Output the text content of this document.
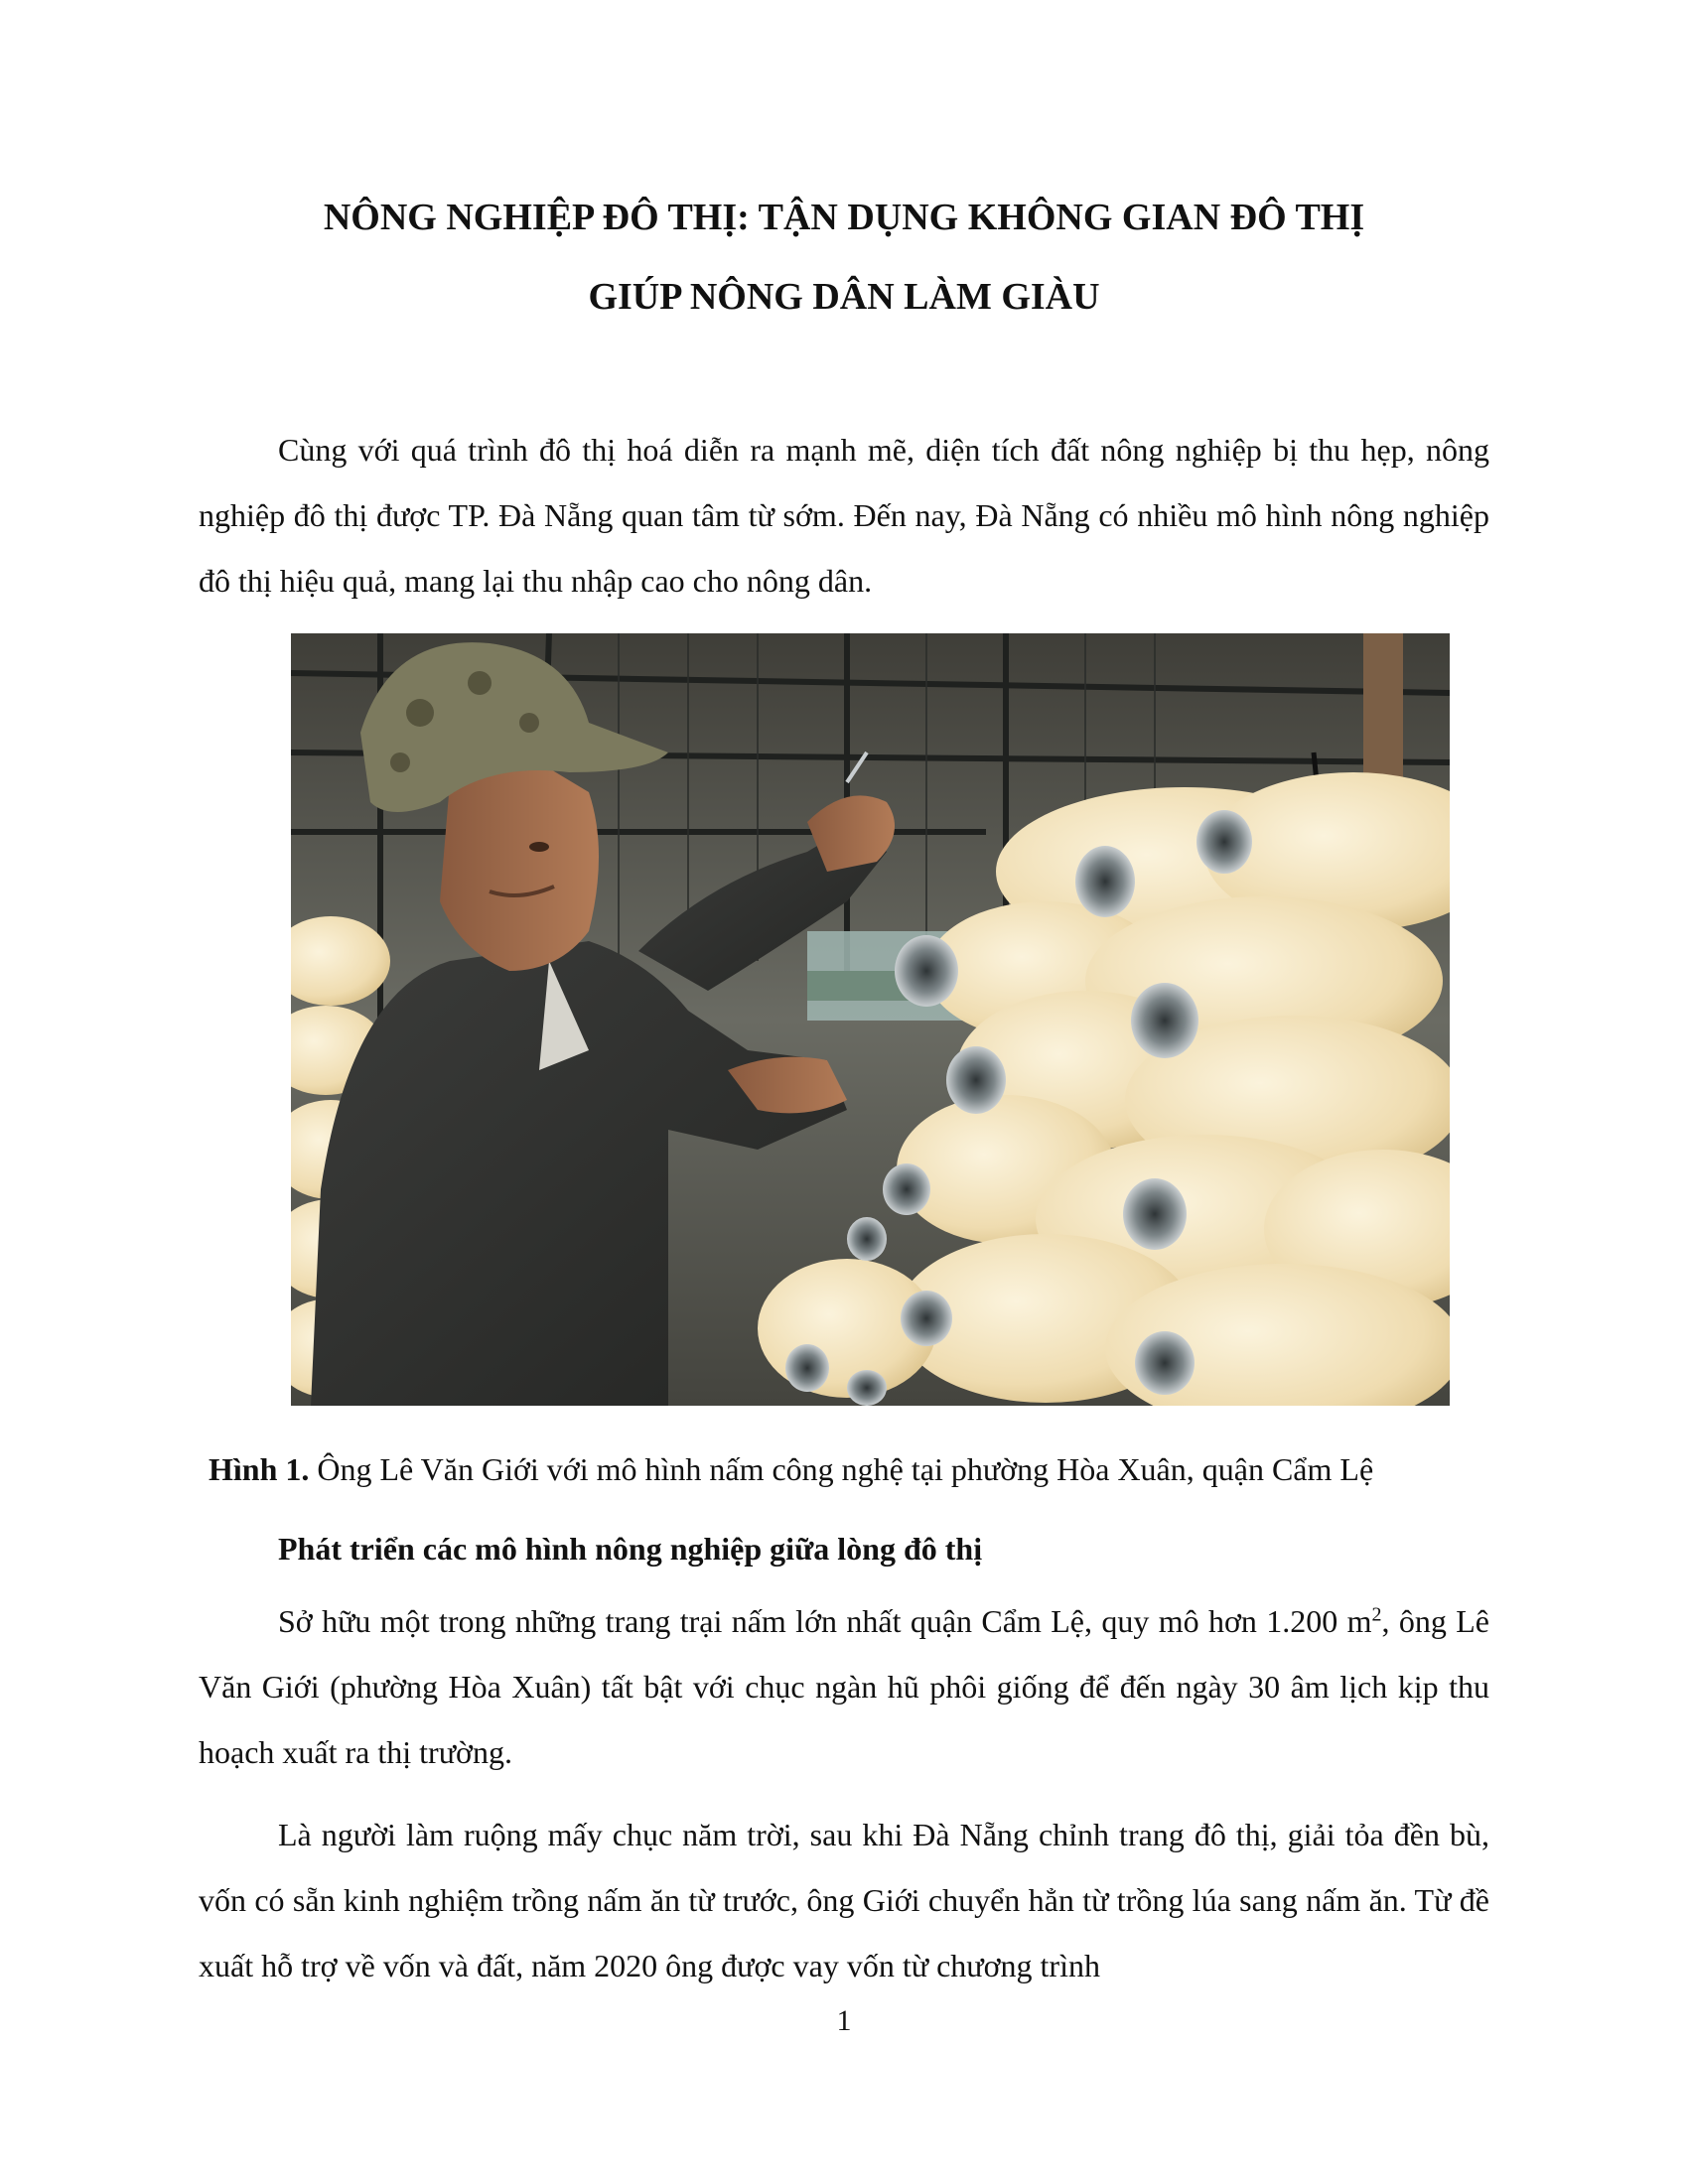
NÔNG NGHIỆP ĐÔ THỊ: TẬN DỤNG KHÔNG GIAN ĐÔ THỊ
GIÚP NÔNG DÂN LÀM GIÀU

Cùng với quá trình đô thị hoá diễn ra mạnh mẽ, diện tích đất nông nghiệp bị thu hẹp, nông nghiệp đô thị được TP. Đà Nẵng quan tâm từ sớm. Đến nay, Đà Nẵng có nhiều mô hình nông nghiệp đô thị hiệu quả, mang lại thu nhập cao cho nông dân.

Hình 1. Ông Lê Văn Giới với mô hình nấm công nghệ tại phường Hòa Xuân, quận Cẩm Lệ

Phát triển các mô hình nông nghiệp giữa lòng đô thị

Sở hữu một trong những trang trại nấm lớn nhất quận Cẩm Lệ, quy mô hơn 1.200 $m^2$, ông Lê Văn Giới (phường Hòa Xuân) tất bật với chục ngàn hũ phôi giống để đến ngày 30 âm lịch kịp thu hoạch xuất ra thị trường.

Là người làm ruộng mấy chục năm trời, sau khi Đà Nẵng chỉnh trang đô thị, giải tỏa đền bù, vốn có sẵn kinh nghiệm trồng nấm ăn từ trước, ông Giới chuyển hẳn từ trồng lúa sang nấm ăn. Từ đề xuất hỗ trợ về vốn và đất, năm 2020 ông được vay vốn từ chương trình

1
